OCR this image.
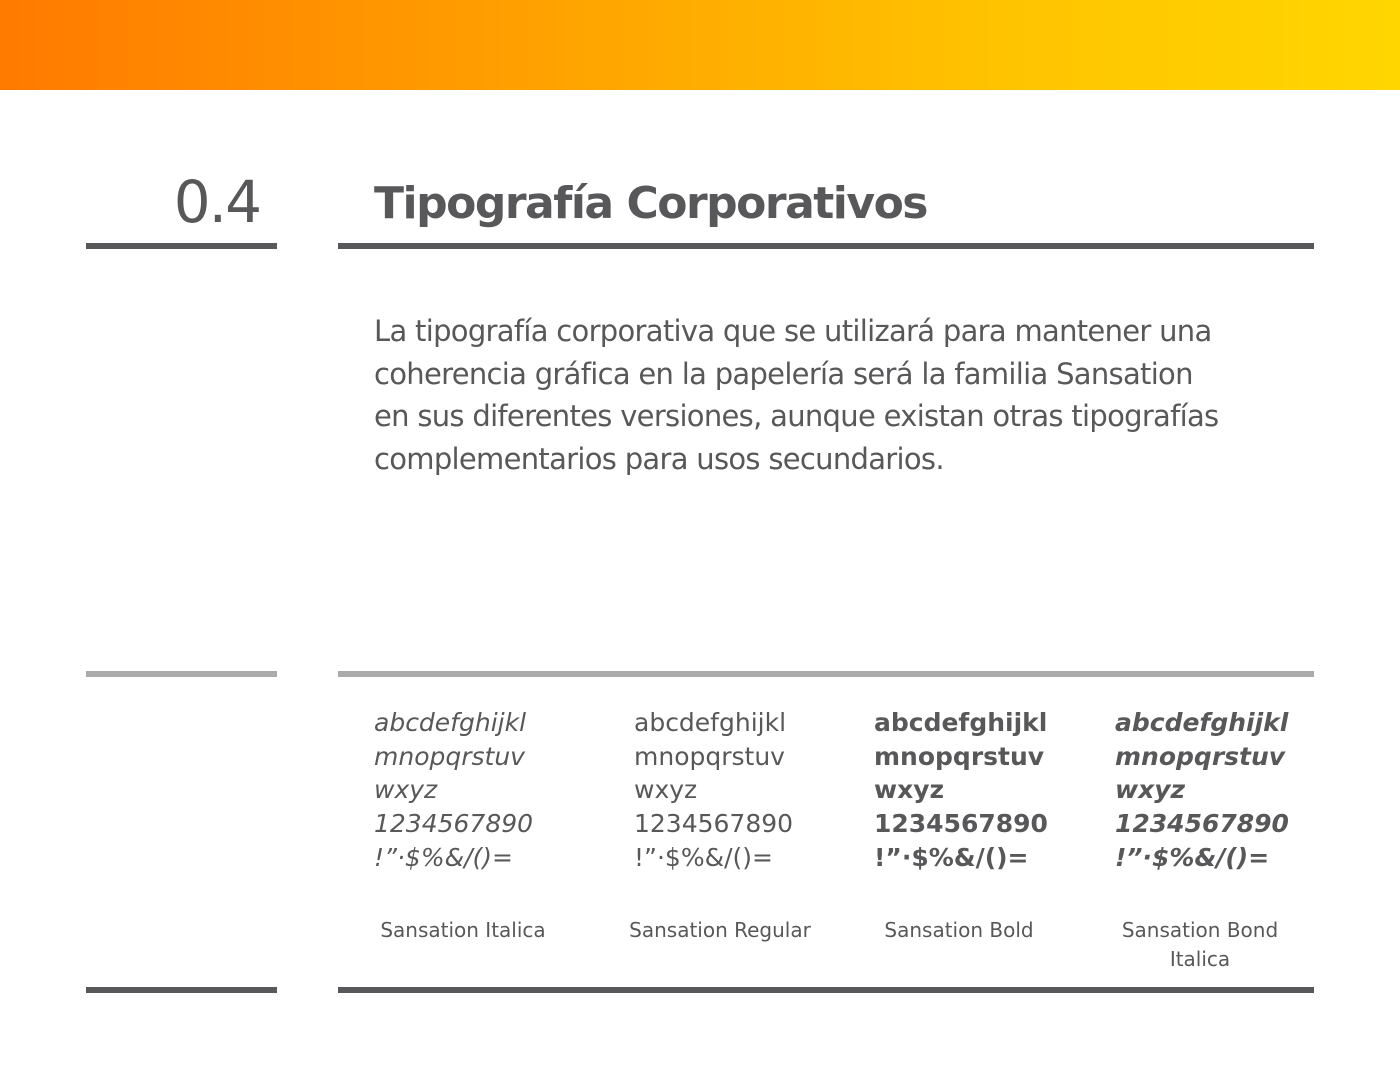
0.4	Tipografía Corporativos

La tipografía corporativa que se utilizará para mantener una coherencia gráfica en la papelería será la familia Sansation en sus diferentes versiones, aunque existan otras tipografías complementarios para usos secundarios.

abcdefghijkl
mnopqrstuv
wxyz
1234567890
!”·$%&/()=
abcdefghijkl
mnopqrstuv
wxyz
1234567890
!”·$%&/()=
abcdefghijkl
mnopqrstuv
wxyz
1234567890
!”·$%&/()=
abcdefghijkl
mnopqrstuv
wxyz
1234567890
!”·$%&/()=
Sansation Italica	Sansation Regular	Sansation Bold	Sansation Bond Italica
